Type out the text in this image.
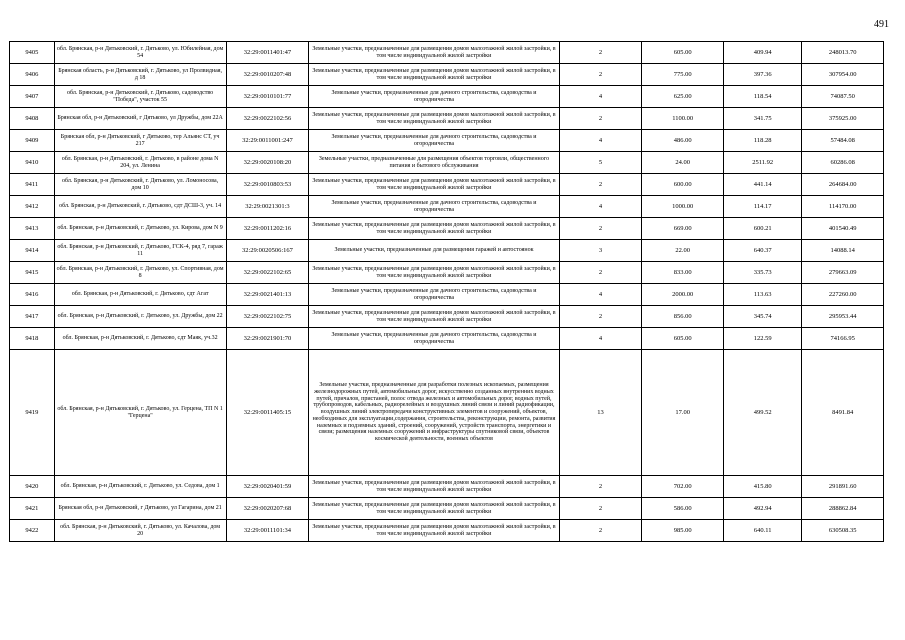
491
9405	обл. Брянская, р-н Дятьковский, г. Дятьково, ул. Юбилейная, дом 54	32:29:0011401:47	Земельные участки, предназначенные для размещения домов малоэтажной жилой застройки, в том числе индивидуальной жилой застройки	2	605.00	409.94	248013.70
9406	Брянская область, р-н Дятьковский, г. Дятьково, ул Пролвидная, д 18	32:29:0010207:48	Земельные участки, предназначенные для размещения домов малоэтажной жилой застройки, в том числе индивидуальной жилой застройки	2	775.00	397.36	307954.00
9407	обл. Брянская, р-н Дятьковский, г. Дятьково, садоводство "Победа", участок 55	32:29:0010101:77	Земельные участки, предназначенные для дачного строительства, садоводства и огородничества	4	625.00	118.54	74087.50
9408	Брянская обл, р-н Дятьковский, г Дятьково, ул Дружбы, дом 22А	32:29:0022102:56	Земельные участки, предназначенные для размещения домов малоэтажной жилой застройки, в том числе индивидуальной жилой застройки	2	1100.00	341.75	375925.00
9409	Брянская обл, р-н Дятьковский, г Дятьково, тер Альянс СТ, уч 217	32:29:0011001:247	Земельные участки, предназначенные для дачного строительства, садоводства и огородничества	4	486.00	118.28	57484.08
9410	обл. Брянская, р-н Дятьковский, г. Дятьково, в районе дома N 204, ул. Ленина	32:29:0020108:20	Земельные участки, предназначенные для размещения объектов торговли, общественного питания и бытового обслуживания	5	24.00	2511.92	60286.08
9411	обл. Брянская, р-н Дятьковский, г. Дятьково, ул. Ломоносова, дом 10	32:29:0010803:53	Земельные участки, предназначенные для размещения домов малоэтажной жилой застройки, в том числе индивидуальной жилой застройки	2	600.00	441.14	264684.00
9412	обл. Брянская, р-н Дятьковский, г. Дятьково, сдт ДСШ-3, уч. 14	32:29:0021301:3	Земельные участки, предназначенные для дачного строительства, садоводства и огородничества	4	1000.00	114.17	114170.00
9413	обл. Брянская, р-н Дятьковский, г. Дятьково, ул. Кирова, дом N 9	32:29:0011202:16	Земельные участки, предназначенные для размещения домов малоэтажной жилой застройки, в том числе индивидуальной жилой застройки	2	669.00	600.21	401540.49
9414	обл. Брянская, р-н Дятьковский, г. Дятьково, ГСК-4, ряд 7, гараж 11	32:29:0020506:167	Земельные участки, предназначенные для размещения гаражей и автостоянок	3	22.00	640.37	14088.14
9415	обл. Брянская, р-н Дятьковский, г. Дятьково, ул. Спортивная, дом 8	32:29:0022102:65	Земельные участки, предназначенные для размещения домов малоэтажной жилой застройки, в том числе индивидуальной жилой застройки	2	833.00	335.73	279663.09
9416	обл. Брянская, р-н Дятьковский, г. Дятьково, сдт Агат	32:29:0021401:13	Земельные участки, предназначенные для дачного строительства, садоводства и огородничества	4	2000.00	113.63	227260.00
9417	обл. Брянская, р-н Дятьковский, г. Дятьково, ул. Дружбы, дом 22	32:29:0022102:75	Земельные участки, предназначенные для размещения домов малоэтажной жилой застройки, в том числе индивидуальной жилой застройки	2	856.00	345.74	295953.44
9418	обл. Брянская, р-н Дятьковский, г. Дятьково, сдт Маяк, уч.32	32:29:0021901:70	Земельные участки, предназначенные для дачного строительства, садоводства и огородничества	4	605.00	122.59	74166.95
9419	обл. Брянская, р-н Дятьковский, г. Дятьково, ул. Герцена, ТП N 1 "Герцена"	32:29:0011405:15	Земельные участки, предназначенные для разработки полезных ископаемых, размещения железнодорожных путей, автомобильных дорог, искусственно созданных внутренних водных путей, причалов, пристаней, полос отвода железных и автомобильных дорог, водных путей, трубопроводов, кабельных, радиорелейных и воздушных линий связи и линий радиофикации, воздушных линий электропередачи конструктивных элементов и сооружений, объектов, необходимых для эксплуатации,содержания, строительства, реконструкции, ремонта, развития наземных и подземных зданий, строений, сооружений, устройств транспорта, энергетики и связи; размещения наземных сооружений и инфраструктуры спутниковой связи, объектов космической деятельности, военных объектов	13	17.00	499.52	8491.84
9420	обл. Брянская, р-н Дятьковский, г. Дятьково, ул. Седова, дом 1	32:29:0020401:59	Земельные участки, предназначенные для размещения домов малоэтажной жилой застройки, в том числе индивидуальной жилой застройки	2	702.00	415.80	291891.60
9421	Брянская обл, р-н Дятьковский, г Дятьково, ул Гагарина, дом 21	32:29:0020207:68	Земельные участки, предназначенные для размещения домов малоэтажной жилой застройки, в том числе индивидуальной жилой застройки	2	586.00	492.94	288862.84
9422	обл. Брянская, р-н Дятьковский, г. Дятьково, ул. Качалова, дом 20	32:29:0011101:34	Земельные участки, предназначенные для размещения домов малоэтажной жилой застройки, в том числе индивидуальной жилой застройки	2	985.00	640.11	630508.35
